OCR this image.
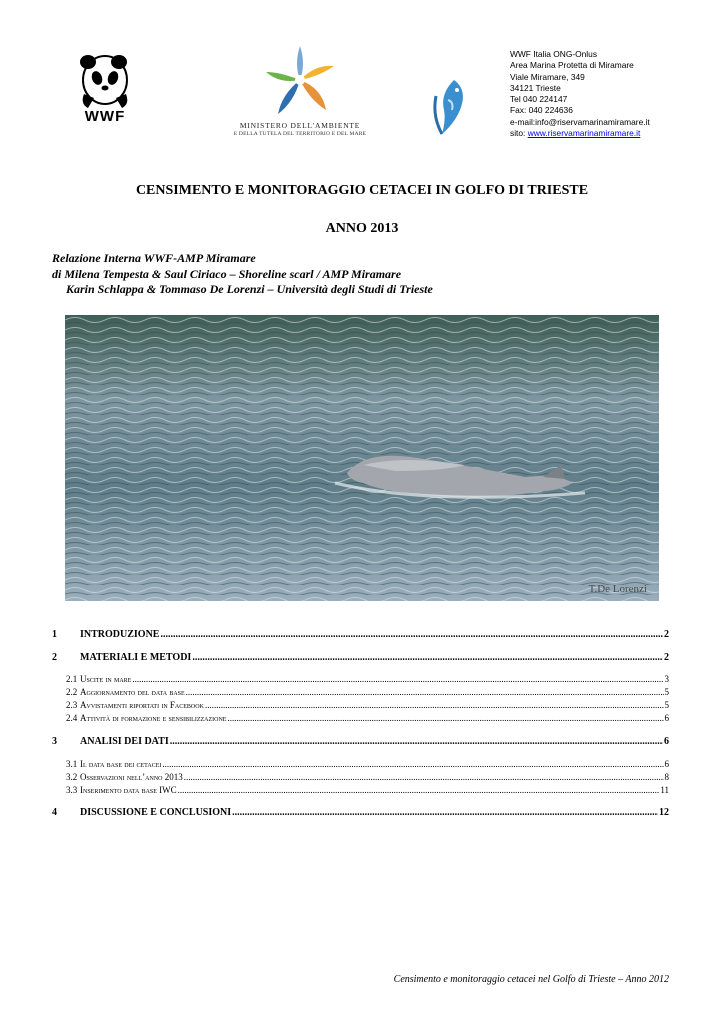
WWF
MINISTERO DELL'AMBIENTE
E DELLA TUTELA DEL TERRITORIO E DEL MARE
WWF Italia ONG-Onlus
Area Marina Protetta di Miramare
Viale Miramare, 349
34121 Trieste
Tel 040 224147
Fax: 040 224636
e-mail:info@riservamarinamiramare.it
sito: www.riservamarinamiramare.it
CENSIMENTO E MONITORAGGIO CETACEI IN GOLFO DI TRIESTE
ANNO 2013
Relazione Interna WWF-AMP Miramare
di Milena Tempesta & Saul Ciriaco – Shoreline scarl / AMP Miramare
Karin Schlappa & Tommaso De Lorenzi – Università degli Studi di Trieste
T.De Lorenzi
1	INTRODUZIONE .....	2
2	MATERIALI E METODI .....	2
2.1 Uscite in mare .....	3
2.2 Aggiornamento del data base .....	5
2.3 Avvistamenti riportati in Facebook .....	5
2.4 Attività di formazione e sensibilizzazione .....	6
3	ANALISI DEI DATI .....	6
3.1 Il data base dei cetacei .....	6
3.2 Osservazioni nell’anno 2013 .....	8
3.3 Inserimento data base IWC .....	11
4	DISCUSSIONE E CONCLUSIONI .....	12
Censimento e monitoraggio cetacei nel Golfo di Trieste – Anno 2012
